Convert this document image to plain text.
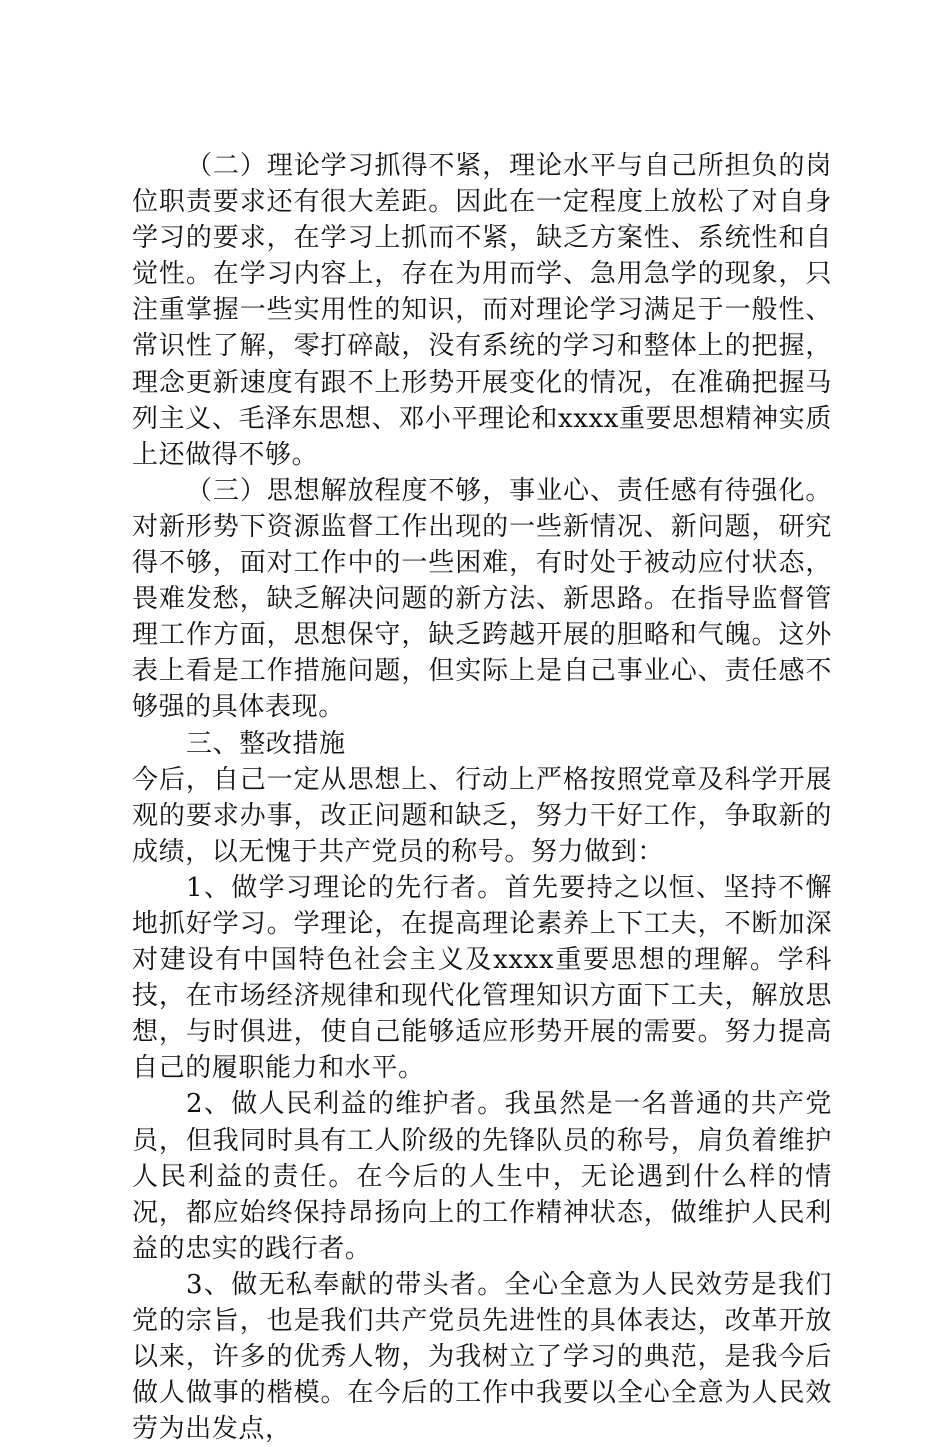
（二）理论学习抓得不紧，理论水平与自己所担负的岗位职责要求还有很大差距。因此在一定程度上放松了对自身学习的要求，在学习上抓而不紧，缺乏方案性、系统性和自觉性。在学习内容上，存在为用而学、急用急学的现象，只注重掌握一些实用性的知识，而对理论学习满足于一般性、常识性了解，零打碎敲，没有系统的学习和整体上的把握，理念更新速度有跟不上形势开展变化的情况，在准确把握马列主义、毛泽东思想、邓小平理论和xxxx重要思想精神实质上还做得不够。

（三）思想解放程度不够，事业心、责任感有待强化。对新形势下资源监督工作出现的一些新情况、新问题，研究得不够，面对工作中的一些困难，有时处于被动应付状态，畏难发愁，缺乏解决问题的新方法、新思路。在指导监督管理工作方面，思想保守，缺乏跨越开展的胆略和气魄。这外表上看是工作措施问题，但实际上是自己事业心、责任感不够强的具体表现。

三、整改措施

今后，自己一定从思想上、行动上严格按照党章及科学开展观的要求办事，改正问题和缺乏，努力干好工作，争取新的成绩，以无愧于共产党员的称号。努力做到：

1、做学习理论的先行者。首先要持之以恒、坚持不懈地抓好学习。学理论，在提高理论素养上下工夫，不断加深对建设有中国特色社会主义及xxxx重要思想的理解。学科技，在市场经济规律和现代化管理知识方面下工夫，解放思想，与时俱进，使自己能够适应形势开展的需要。努力提高自己的履职能力和水平。

2、做人民利益的维护者。我虽然是一名普通的共产党员，但我同时具有工人阶级的先锋队员的称号，肩负着维护人民利益的责任。在今后的人生中，无论遇到什么样的情况，都应始终保持昂扬向上的工作精神状态，做维护人民利益的忠实的践行者。

3、做无私奉献的带头者。全心全意为人民效劳是我们党的宗旨，也是我们共产党员先进性的具体表达，改革开放以来，许多的优秀人物，为我树立了学习的典范，是我今后做人做事的楷模。在今后的工作中我要以全心全意为人民效劳为出发点，
